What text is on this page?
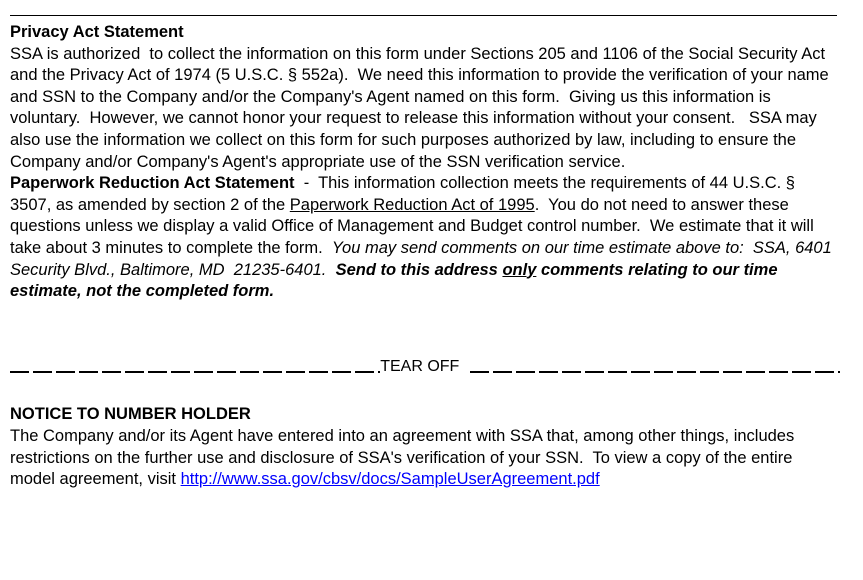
Privacy Act Statement

SSA is authorized  to collect the information on this form under Sections 205 and 1106 of the Social Security Act and the Privacy Act of 1974 (5 U.S.C. § 552a).  We need this information to provide the verification of your name and SSN to the Company and/or the Company's Agent named on this form.  Giving us this information is voluntary.  However, we cannot honor your request to release this information without your consent.   SSA may also use the information we collect on this form for such purposes authorized by law, including to ensure the Company and/or Company's Agent's appropriate use of the SSN verification service.

Paperwork Reduction Act Statement  -  This information collection meets the requirements of 44 U.S.C. § 3507, as amended by section 2 of the Paperwork Reduction Act of 1995.  You do not need to answer these questions unless we display a valid Office of Management and Budget control number.  We estimate that it will take about 3 minutes to complete the form.  You may send comments on our time estimate above to:  SSA, 6401 Security Blvd., Baltimore, MD  21235-6401. Send to this address only comments relating to our time estimate, not the completed form.

TEAR OFF
NOTICE TO NUMBER HOLDER

The Company and/or its Agent have entered into an agreement with SSA that, among other things, includes restrictions on the further use and disclosure of SSA's verification of your SSN.  To view a copy of the entire model agreement, visit http://www.ssa.gov/cbsv/docs/SampleUserAgreement.pdf
